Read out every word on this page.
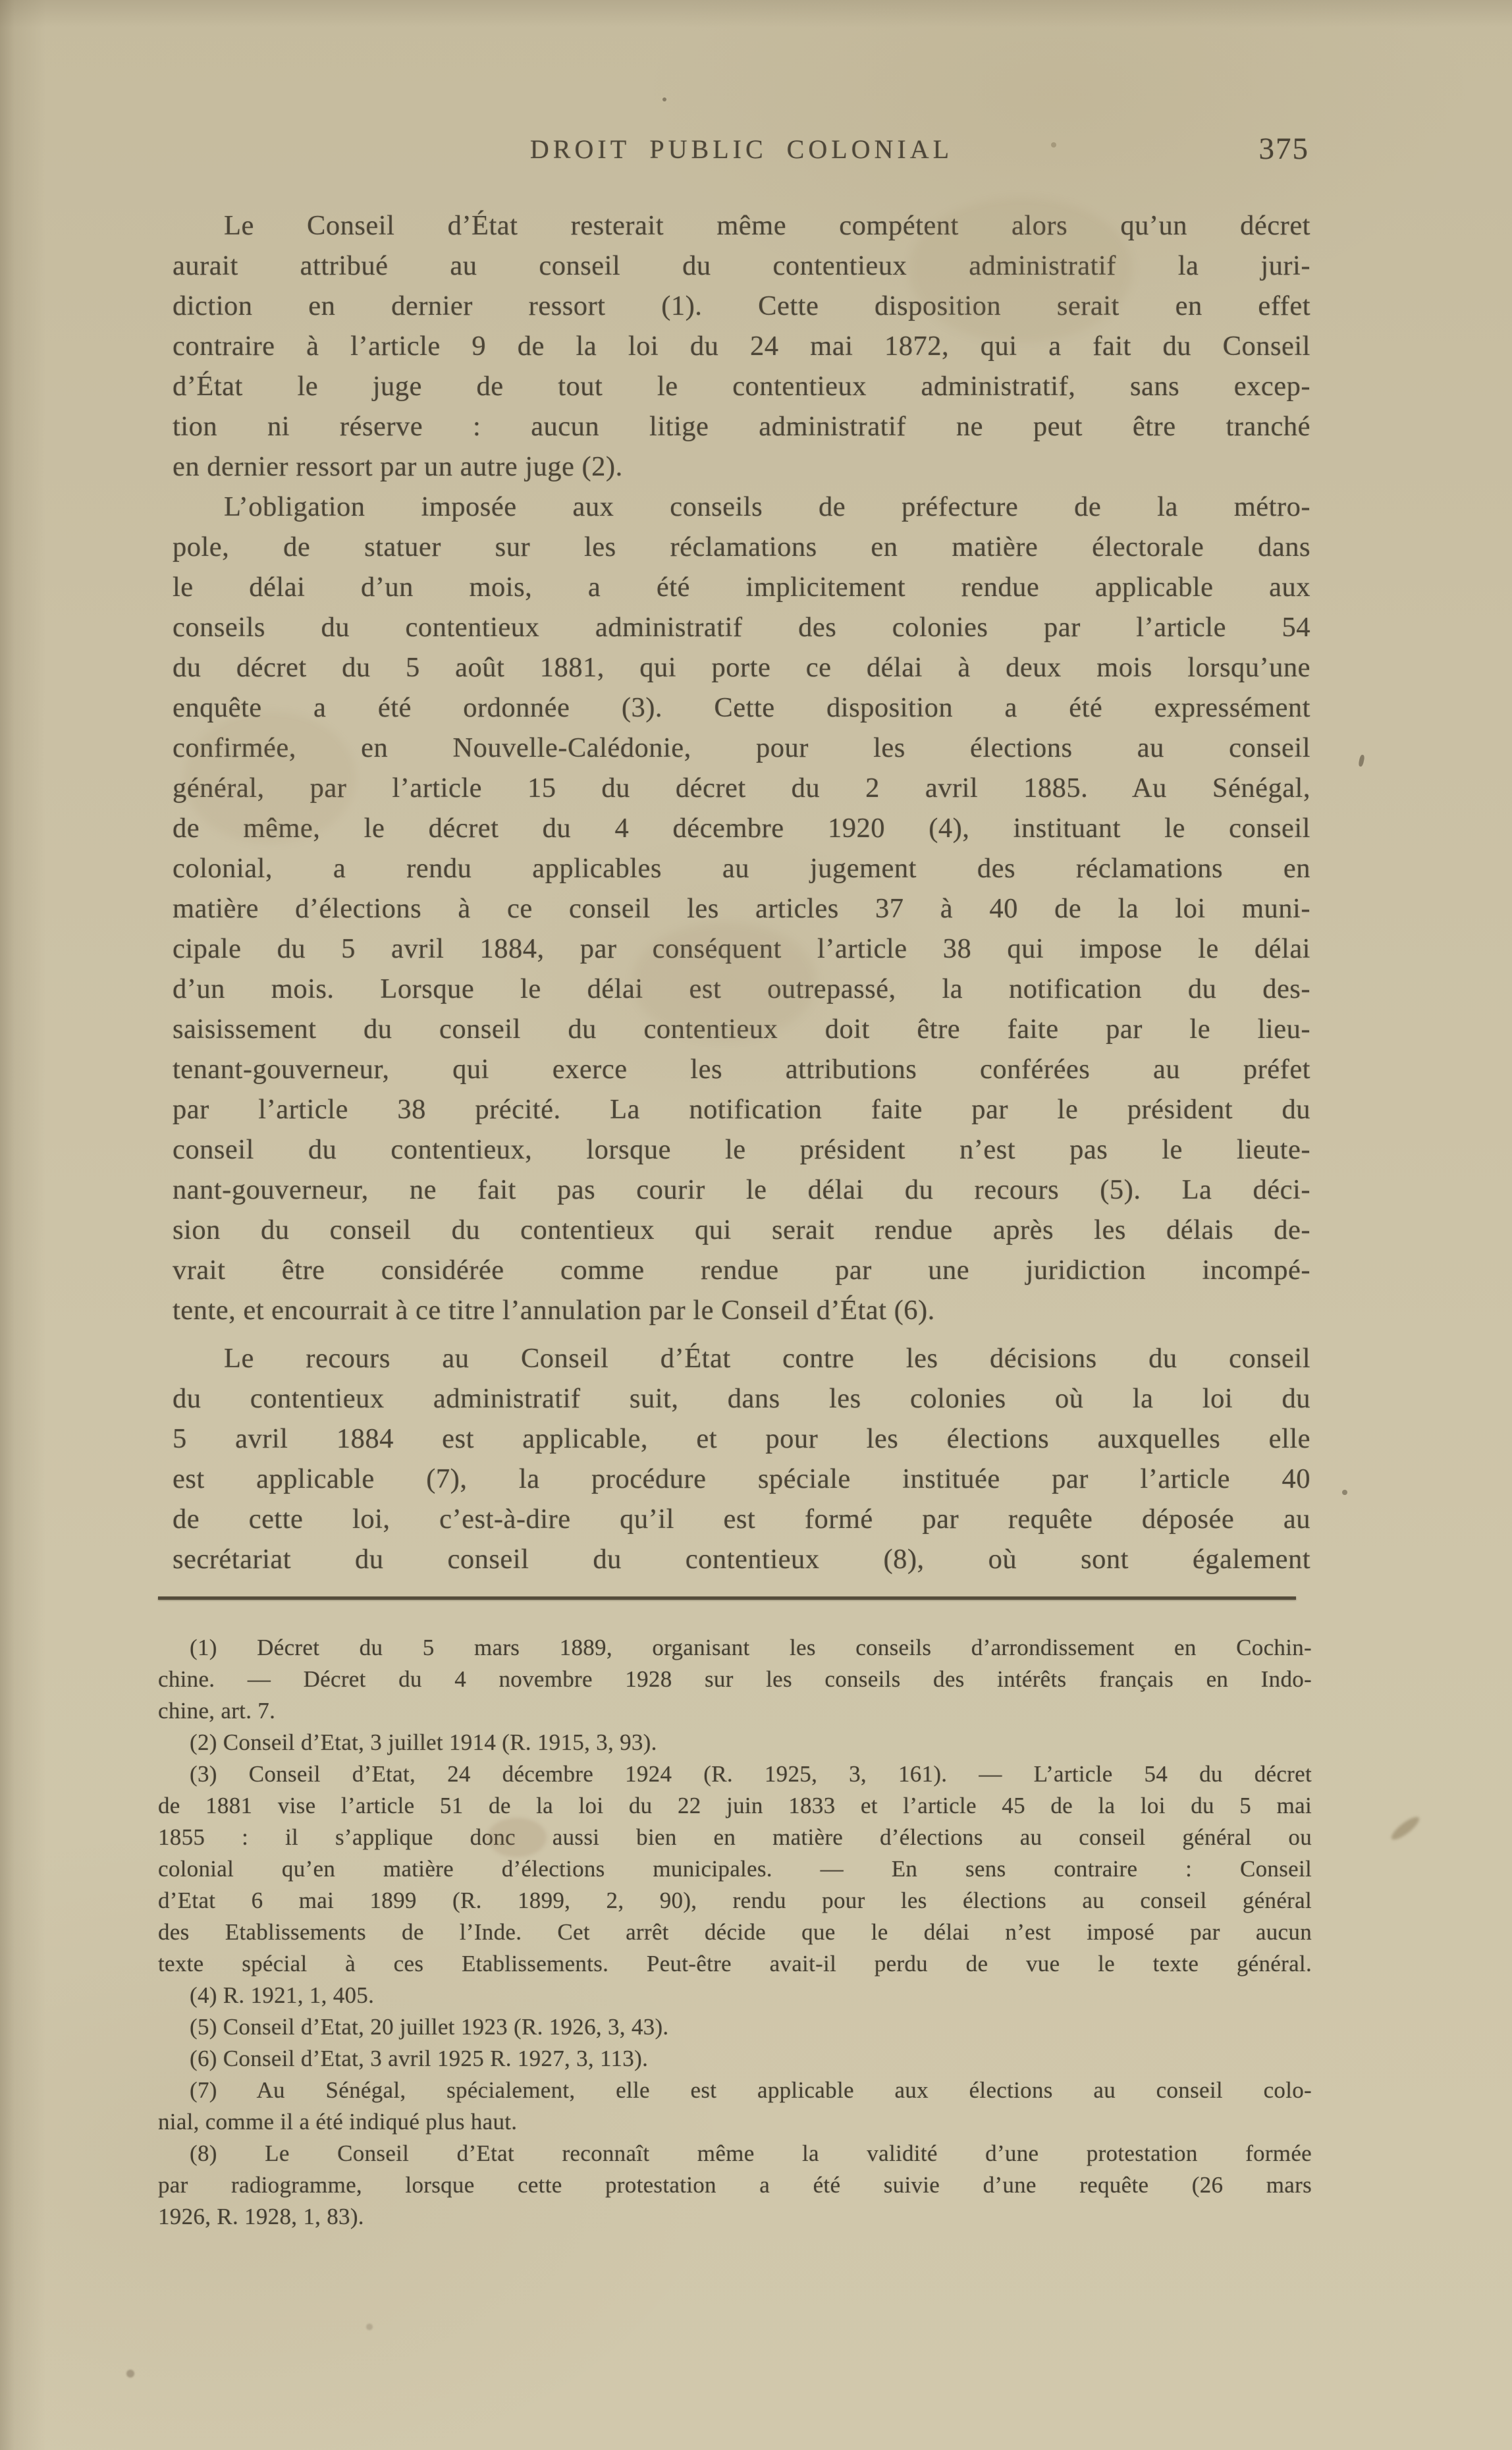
DROIT PUBLIC COLONIAL	375
Le Conseil d’État resterait même compétent alors qu’un décret
aurait attribué au conseil du contentieux administratif la juri-
diction en dernier ressort (1). Cette disposition serait en effet
contraire à l’article 9 de la loi du 24 mai 1872, qui a fait du Conseil
d’État le juge de tout le contentieux administratif, sans excep-
tion ni réserve : aucun litige administratif ne peut être tranché
en dernier ressort par un autre juge (2).
L’obligation imposée aux conseils de préfecture de la métro-
pole, de statuer sur les réclamations en matière électorale dans
le délai d’un mois, a été implicitement rendue applicable aux
conseils du contentieux administratif des colonies par l’article 54
du décret du 5 août 1881, qui porte ce délai à deux mois lorsqu’une
enquête a été ordonnée (3). Cette disposition a été expressément
confirmée, en Nouvelle-Calédonie, pour les élections au conseil
général, par l’article 15 du décret du 2 avril 1885. Au Sénégal,
de même, le décret du 4 décembre 1920 (4), instituant le conseil
colonial, a rendu applicables au jugement des réclamations en
matière d’élections à ce conseil les articles 37 à 40 de la loi muni-
cipale du 5 avril 1884, par conséquent l’article 38 qui impose le délai
d’un mois. Lorsque le délai est outrepassé, la notification du des-
saisissement du conseil du contentieux doit être faite par le lieu-
tenant-gouverneur, qui exerce les attributions conférées au préfet
par l’article 38 précité. La notification faite par le président du
conseil du contentieux, lorsque le président n’est pas le lieute-
nant-gouverneur, ne fait pas courir le délai du recours (5). La déci-
sion du conseil du contentieux qui serait rendue après les délais de-
vrait être considérée comme rendue par une juridiction incompé-
tente, et encourrait à ce titre l’annulation par le Conseil d’État (6).
Le recours au Conseil d’État contre les décisions du conseil
du contentieux administratif suit, dans les colonies où la loi du
5 avril 1884 est applicable, et pour les élections auxquelles elle
est applicable (7), la procédure spéciale instituée par l’article 40
de cette loi, c’est-à-dire qu’il est formé par requête déposée au
secrétariat du conseil du contentieux (8), où sont également
(1) Décret du 5 mars 1889, organisant les conseils d’arrondissement en Cochin-
chine. — Décret du 4 novembre 1928 sur les conseils des intérêts français en Indo-
chine, art. 7.
(2) Conseil d’Etat, 3 juillet 1914 (R. 1915, 3, 93).
(3) Conseil d’Etat, 24 décembre 1924 (R. 1925, 3, 161). — L’article 54 du décret
de 1881 vise l’article 51 de la loi du 22 juin 1833 et l’article 45 de la loi du 5 mai
1855 : il s’applique donc aussi bien en matière d’élections au conseil général ou
colonial qu’en matière d’élections municipales. — En sens contraire : Conseil
d’Etat 6 mai 1899 (R. 1899, 2, 90), rendu pour les élections au conseil général
des Etablissements de l’Inde. Cet arrêt décide que le délai n’est imposé par aucun
texte spécial à ces Etablissements. Peut-être avait-il perdu de vue le texte général.
(4) R. 1921, 1, 405.
(5) Conseil d’Etat, 20 juillet 1923 (R. 1926, 3, 43).
(6) Conseil d’Etat, 3 avril 1925 R. 1927, 3, 113).
(7) Au Sénégal, spécialement, elle est applicable aux élections au conseil colo-
nial, comme il a été indiqué plus haut.
(8) Le Conseil d’Etat reconnaît même la validité d’une protestation formée
par radiogramme, lorsque cette protestation a été suivie d’une requête (26 mars
1926, R. 1928, 1, 83).
